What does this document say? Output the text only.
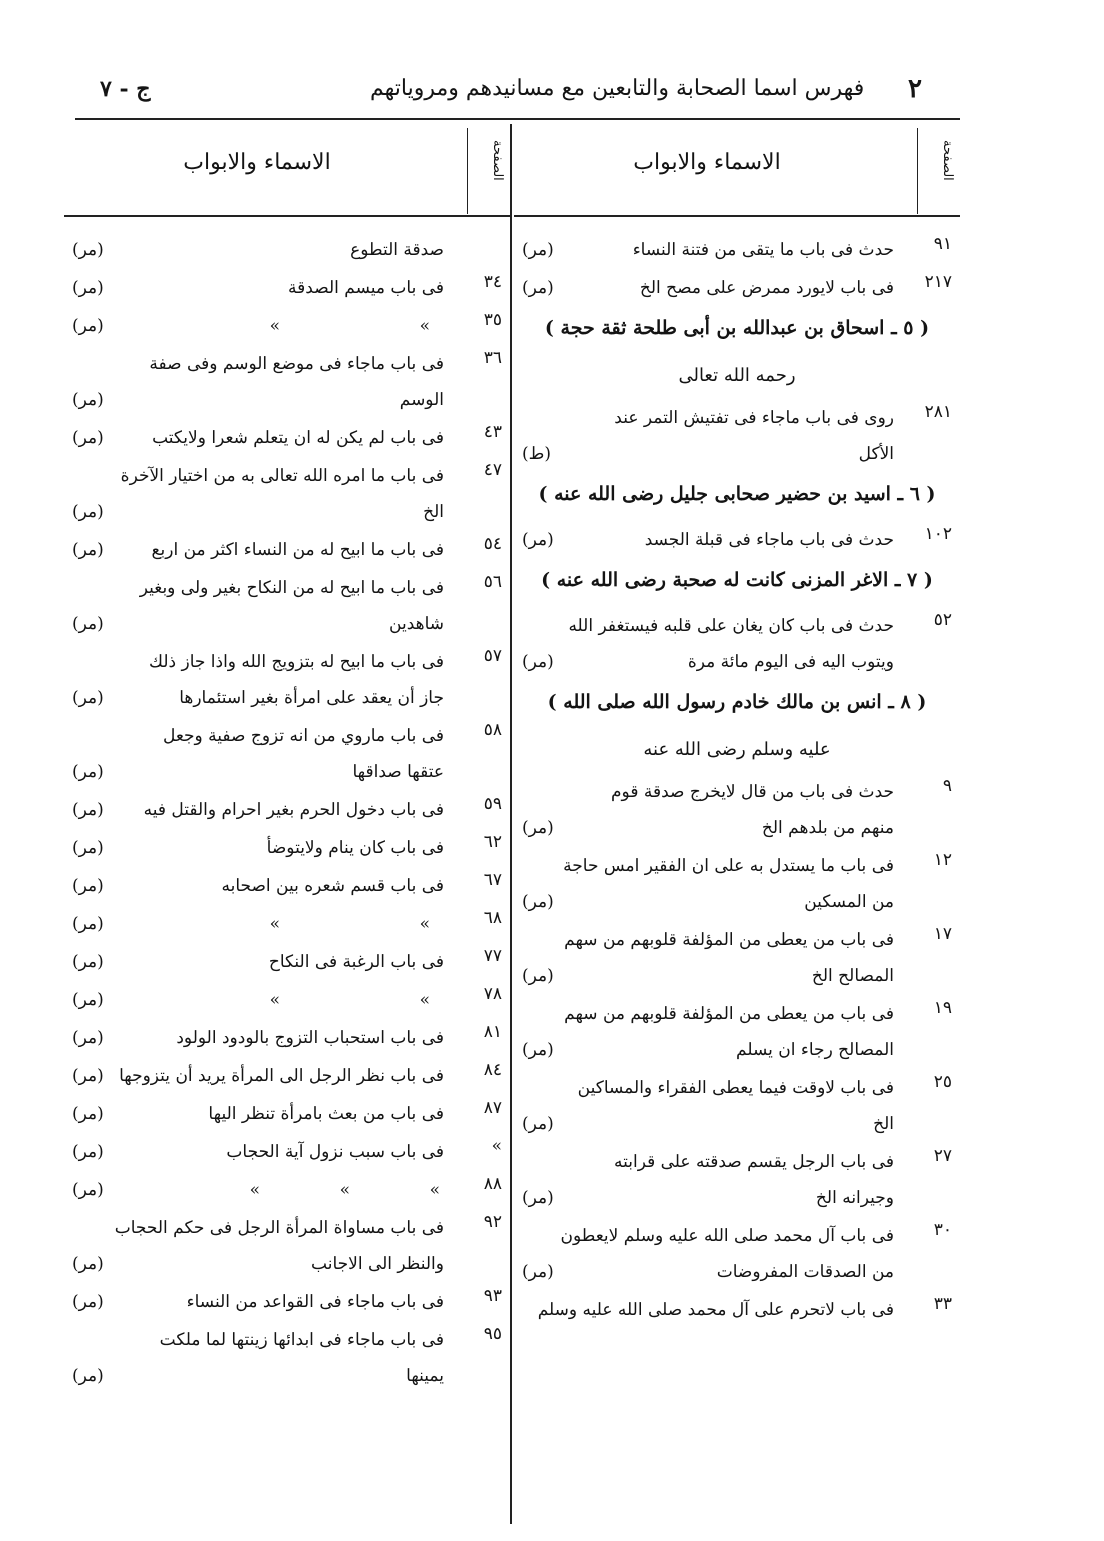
٢
فهرس اسما الصحابة والتابعين مع مسانيدهم ومروياتهم
ج - ٧
الصفحة
الاسماء والابواب
٩١
حدث فى باب ما يتقى من فتنة النساء
(مر)
٢١٧
فى باب لايورد ممرض على مصح الخ
(مر)
( ٥ ـ اسحاق بن عبدالله بن أبى طلحة ثقة حجة )
رحمه الله تعالى
٢٨١
روى فى باب ماجاء فى تفتيش التمر عند
الأكل
(ط)
( ٦ ـ اسيد بن حضير صحابى جليل رضى الله عنه )
١٠٢
حدث فى باب ماجاء فى قبلة الجسد
(مر)
( ٧ ـ الاغر المزنى كانت له صحبة رضى الله عنه )
٥٢
حدث فى باب كان يغان على قلبه فيستغفر الله
ويتوب اليه فى اليوم مائة مرة
(مر)
( ٨ ـ انس بن مالك خادم رسول الله صلى الله )
عليه وسلم رضى الله عنه
٩
حدث فى باب من قال لايخرج صدقة قوم
منهم من بلدهم الخ
(مر)
١٢
فى باب ما يستدل به على ان الفقير امس حاجة
من المسكين
(مر)
١٧
فى باب من يعطى من المؤلفة قلوبهم من سهم
المصالح الخ
(مر)
١٩
فى باب من يعطى من المؤلفة قلوبهم من سهم
المصالح رجاء ان يسلم
(مر)
٢٥
فى باب لاوقت فيما يعطى الفقراء والمساكين
الخ
(مر)
٢٧
فى باب الرجل يقسم صدقته على قرابته
وجيرانه الخ
(مر)
٣٠
فى باب آل محمد صلى الله عليه وسلم لايعطون
من الصدقات المفروضات
(مر)
٣٣
فى باب لاتحرم على آل محمد صلى الله عليه وسلم
الصفحة
الاسماء والابواب
صدقة التطوع
(مر)
٣٤
فى باب ميسم الصدقة
(مر)
٣٥
»
»
(مر)
٣٦
فى باب ماجاء فى موضع الوسم وفى صفة
الوسم
(مر)
٤٣
فى باب لم يكن له ان يتعلم شعرا ولايكتب
(مر)
٤٧
فى باب ما امره الله تعالى به من اختيار الآخرة
الخ
(مر)
٥٤
فى باب ما ابيح له من النساء اكثر من اربع
(مر)
٥٦
فى باب ما ابيح له من النكاح بغير ولى وبغير
شاهدين
(مر)
٥٧
فى باب ما ابيح له بتزويج الله واذا جاز ذلك
جاز أن يعقد على امرأة بغير استئمارها
(مر)
٥٨
فى باب ماروي من انه تزوج صفية وجعل
عتقها صداقها
(مر)
٥٩
فى باب دخول الحرم بغير احرام والقتل فيه
(مر)
٦٢
فى باب كان ينام ولايتوضأ
(مر)
٦٧
فى باب قسم شعره بين اصحابه
(مر)
٦٨
»
»
(مر)
٧٧
فى باب الرغبة فى النكاح
(مر)
٧٨
»
»
(مر)
٨١
فى باب استحباب التزوج بالودود الولود
(مر)
٨٤
فى باب نظر الرجل الى المرأة يريد أن يتزوجها
(مر)
٨٧
فى باب من بعث بامرأة تنظر اليها
(مر)
»
فى باب سبب نزول آية الحجاب
(مر)
٨٨
»
»
»
(مر)
٩٢
فى باب مساواة المرأة الرجل فى حكم الحجاب
والنظر الى الاجانب
(مر)
٩٣
فى باب ماجاء فى القواعد من النساء
(مر)
٩٥
فى باب ماجاء فى ابدائها زينتها لما ملكت
يمينها
(مر)
